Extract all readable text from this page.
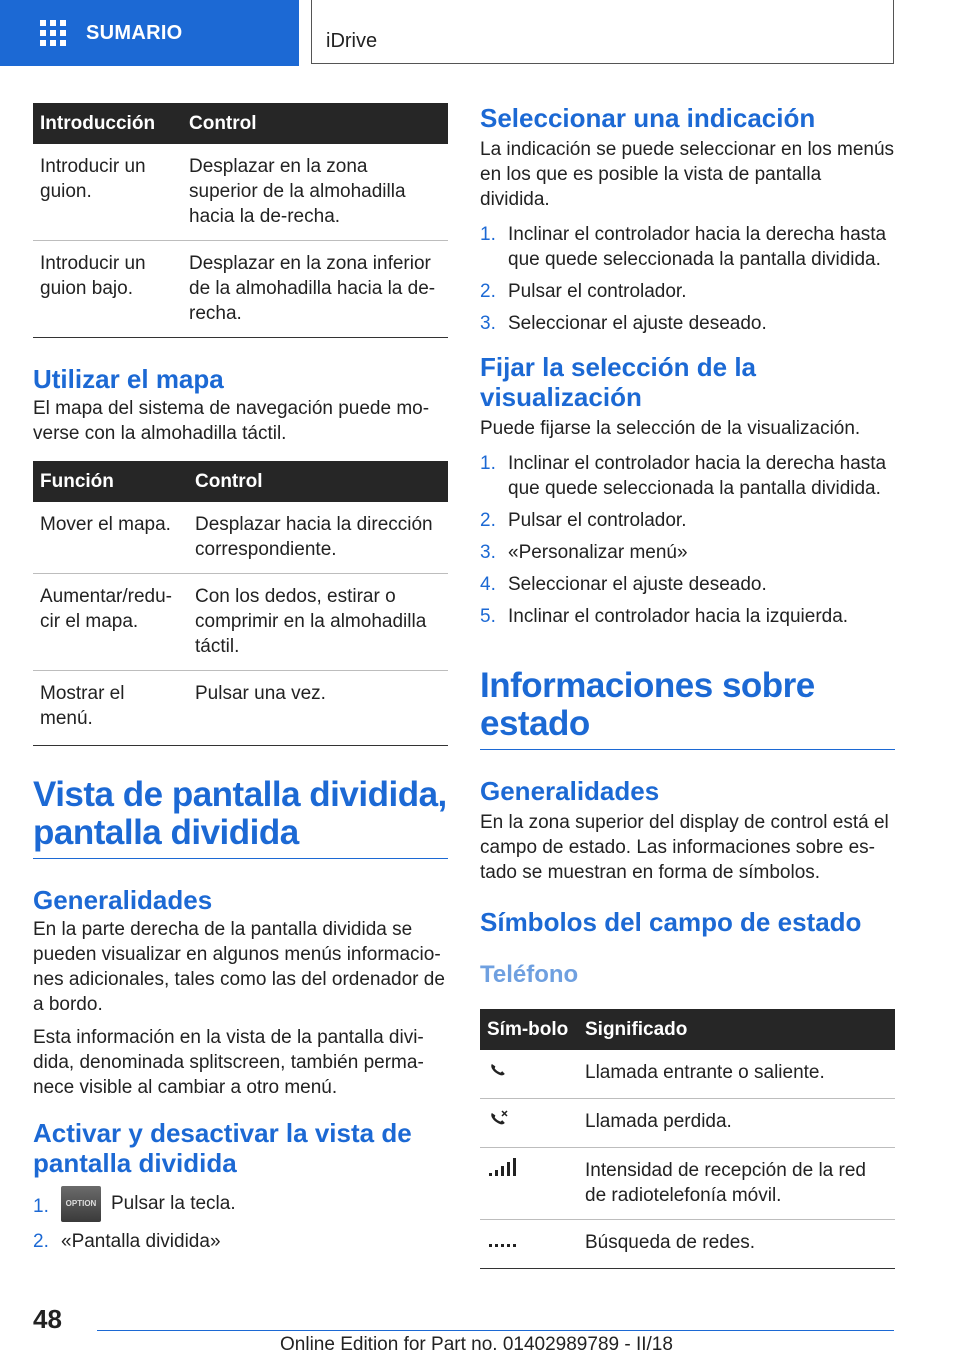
SUMARIO	iDrive
Introducción	Control
Introducir un guion.	Desplazar en la zona superior de la almohadilla hacia la de-recha.
Introducir un guion bajo.	Desplazar en la zona inferior de la almohadilla hacia la de-recha.
Utilizar el mapa

El mapa del sistema de navegación puede mo-verse con la almohadilla táctil.

Función	Control
Mover el mapa.	Desplazar hacia la dirección correspondiente.
Aumentar/redu-cir el mapa.	Con los dedos, estirar o comprimir en la almohadilla táctil.
Mostrar el menú.	Pulsar una vez.
Vista de pantalla dividida, pantalla dividida
Generalidades

En la parte derecha de la pantalla dividida se pueden visualizar en algunos menús informacio-nes adicionales, tales como las del ordenador de a bordo.

Esta información en la vista de la pantalla divi-dida, denominada splitscreen, también perma-nece visible al cambiar a otro menú.

Activar y desactivar la vista de pantalla dividida
1. OPTION Pulsar la tecla.
2. «Pantalla dividida»
Seleccionar una indicación

La indicación se puede seleccionar en los menús en los que es posible la vista de pantalla dividida.

1. Inclinar el controlador hacia la derecha hasta que quede seleccionada la pantalla dividida.
2. Pulsar el controlador.
3. Seleccionar el ajuste deseado.
Fijar la selección de la visualización

Puede fijarse la selección de la visualización.

1. Inclinar el controlador hacia la derecha hasta que quede seleccionada la pantalla dividida.
2. Pulsar el controlador.
3. «Personalizar menú»
4. Seleccionar el ajuste deseado.
5. Inclinar el controlador hacia la izquierda.
Informaciones sobre estado
Generalidades

En la zona superior del display de control está el campo de estado. Las informaciones sobre es-tado se muestran en forma de símbolos.

Símbolos del campo de estado
Teléfono
Sím-bolo	Significado
	Llamada entrante o saliente.
	Llamada perdida.
	Intensidad de recepción de la red de radiotelefonía móvil.
	Búsqueda de redes.
48
Online Edition for Part no. 01402989789 - II/18
